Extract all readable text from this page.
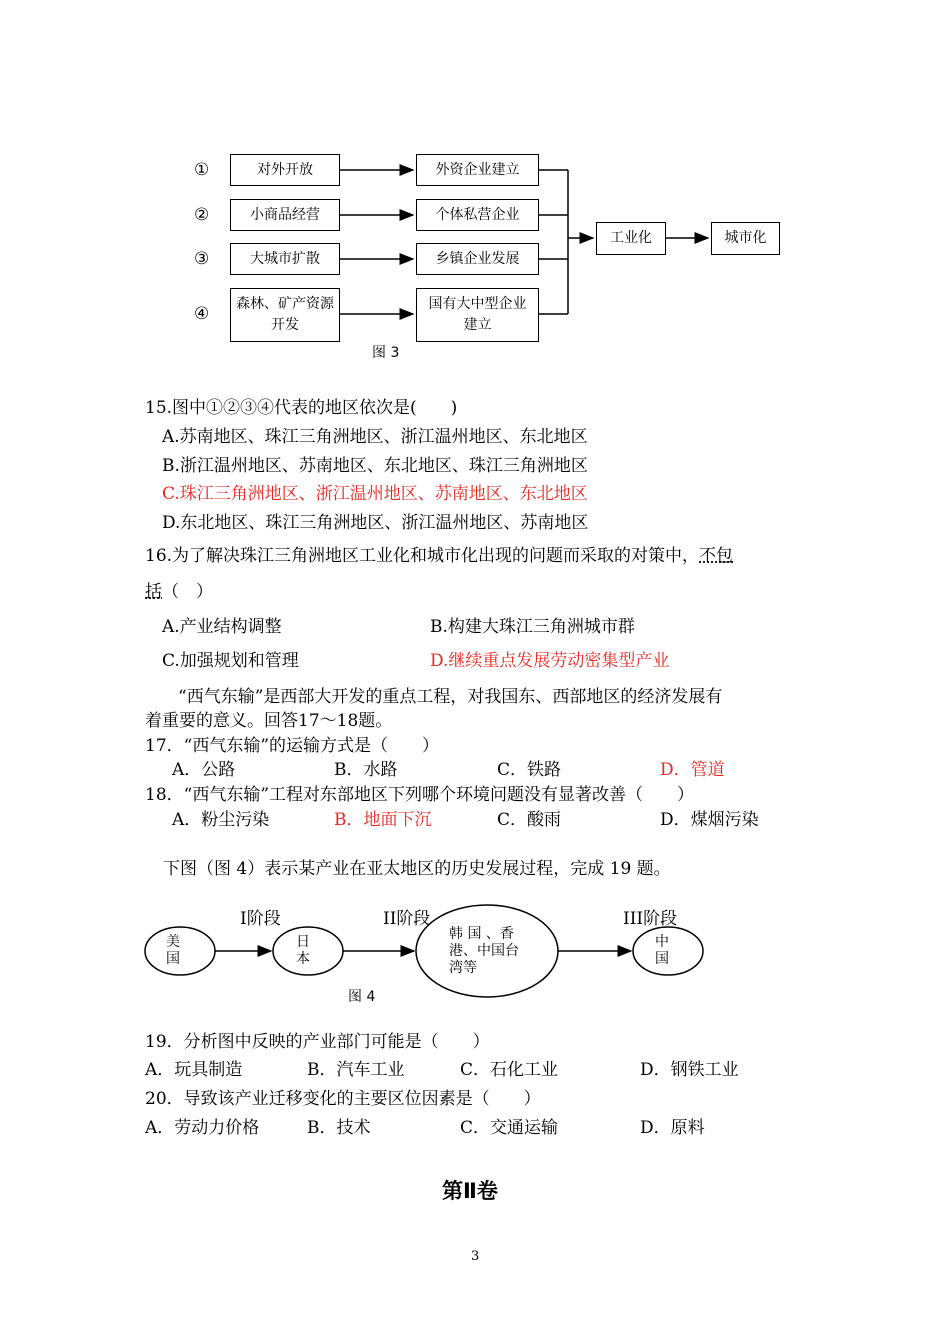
①
②
③
④
对外开放
小商品经营
大城市扩散
森林、矿产资源开发
外资企业建立
个体私营企业
乡镇企业发展
国有大中型企业建立
工业化	城市化
图 3
15.图中①②③④代表的地区依次是(　　)
A.苏南地区、珠江三角洲地区、浙江温州地区、东北地区
B.浙江温州地区、苏南地区、东北地区、珠江三角洲地区
C.珠江三角洲地区、浙江温州地区、苏南地区、东北地区
D.东北地区、珠江三角洲地区、浙江温州地区、苏南地区
16.为了解决珠江三角洲地区工业化和城市化出现的问题而采取的对策中，不包
括（　）
A.产业结构调整	B.构建大珠江三角洲城市群
C.加强规划和管理	D.继续重点发展劳动密集型产业
“西气东输”是西部大开发的重点工程，对我国东、西部地区的经济发展有
着重要的意义。回答17～18题。
17．“西气东输”的运输方式是（　　）
A．公路	B．水路	C．铁路	D．管道
18．“西气东输”工程对东部地区下列哪个环境问题没有显著改善（　　）
A．粉尘污染	B．地面下沉	C．酸雨	D．煤烟污染
下图（图 4）表示某产业在亚太地区的历史发展过程，完成 19 题。
I阶段	II阶段	III阶段
美
国
日
本
韩 国 、香
港、中国台
湾等
中
国
图 4
19．分析图中反映的产业部门可能是（　　）
A．玩具制造	B．汽车工业	C．石化工业	D．钢铁工业
20．导致该产业迁移变化的主要区位因素是（　　）
A．劳动力价格	B．技术	C．交通运输	D．原料
第Ⅱ卷
3
